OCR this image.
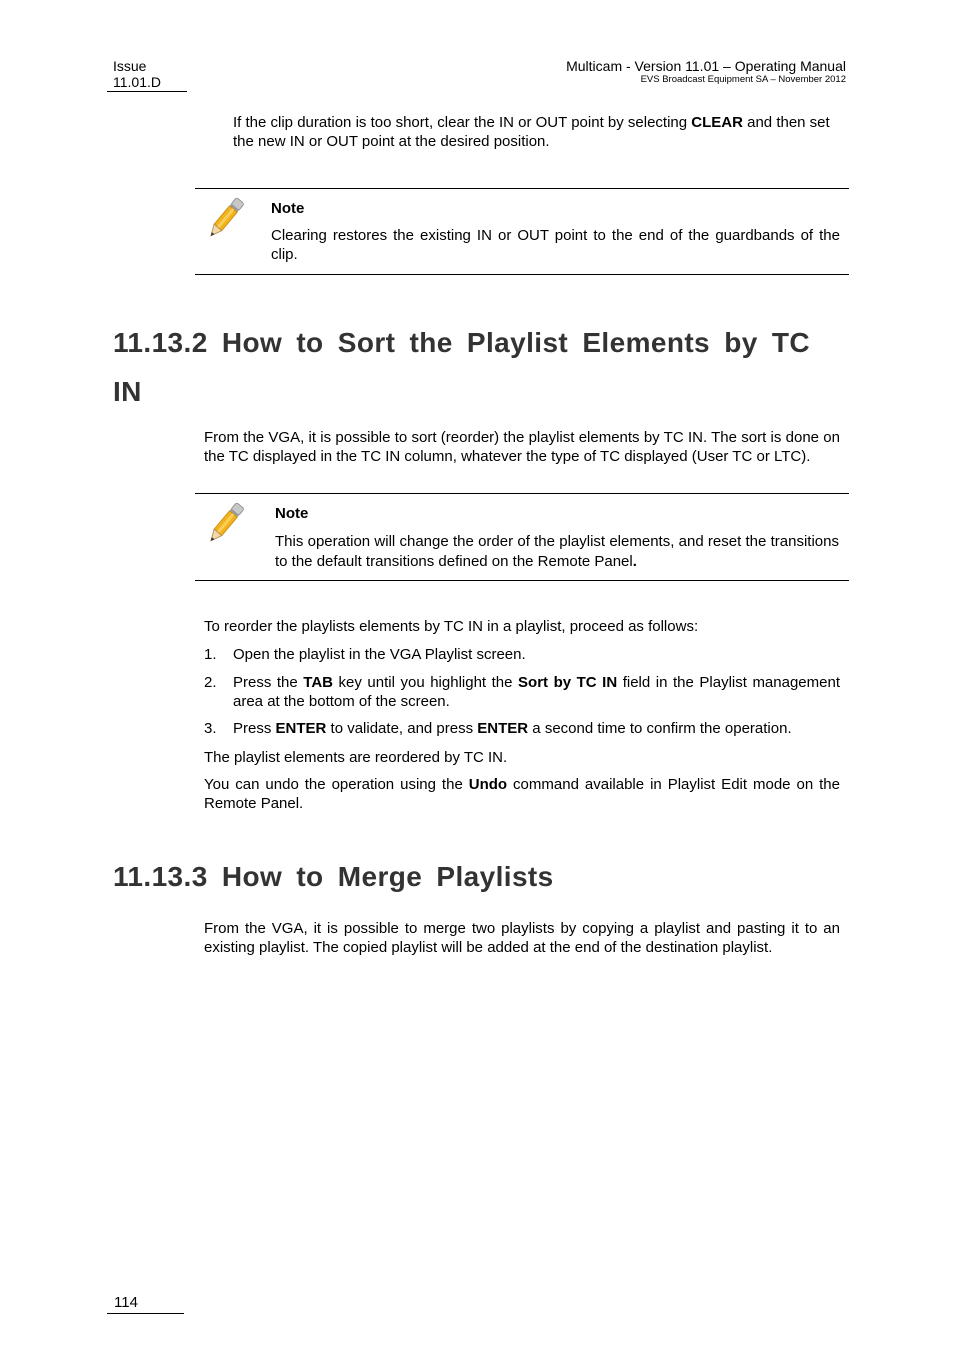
Issue
11.01.D
Multicam - Version 11.01 – Operating Manual
EVS Broadcast Equipment SA – November 2012
If the clip duration is too short, clear the IN or OUT point by selecting CLEAR and then set the new IN or OUT point at the desired position.
Note
Clearing restores the existing IN or OUT point to the end of the guardbands of the clip.
11.13.2 How to Sort the Playlist Elements by TC
IN
From the VGA, it is possible to sort (reorder) the playlist elements by TC IN. The sort is done on the TC displayed in the TC IN column, whatever the type of TC displayed (User TC or LTC).
Note
This operation will change the order of the playlist elements, and reset the transitions to the default transitions defined on the Remote Panel.
To reorder the playlists elements by TC IN in a playlist, proceed as follows:
1. Open the playlist in the VGA Playlist screen.
2. Press the TAB key until you highlight the Sort by TC IN field in the Playlist management area at the bottom of the screen.
3. Press ENTER to validate, and press ENTER a second time to confirm the operation.
The playlist elements are reordered by TC IN.
You can undo the operation using the Undo command available in Playlist Edit mode on the Remote Panel.
11.13.3 How to Merge Playlists
From the VGA, it is possible to merge two playlists by copying a playlist and pasting it to an existing playlist. The copied playlist will be added at the end of the destination playlist.
114
